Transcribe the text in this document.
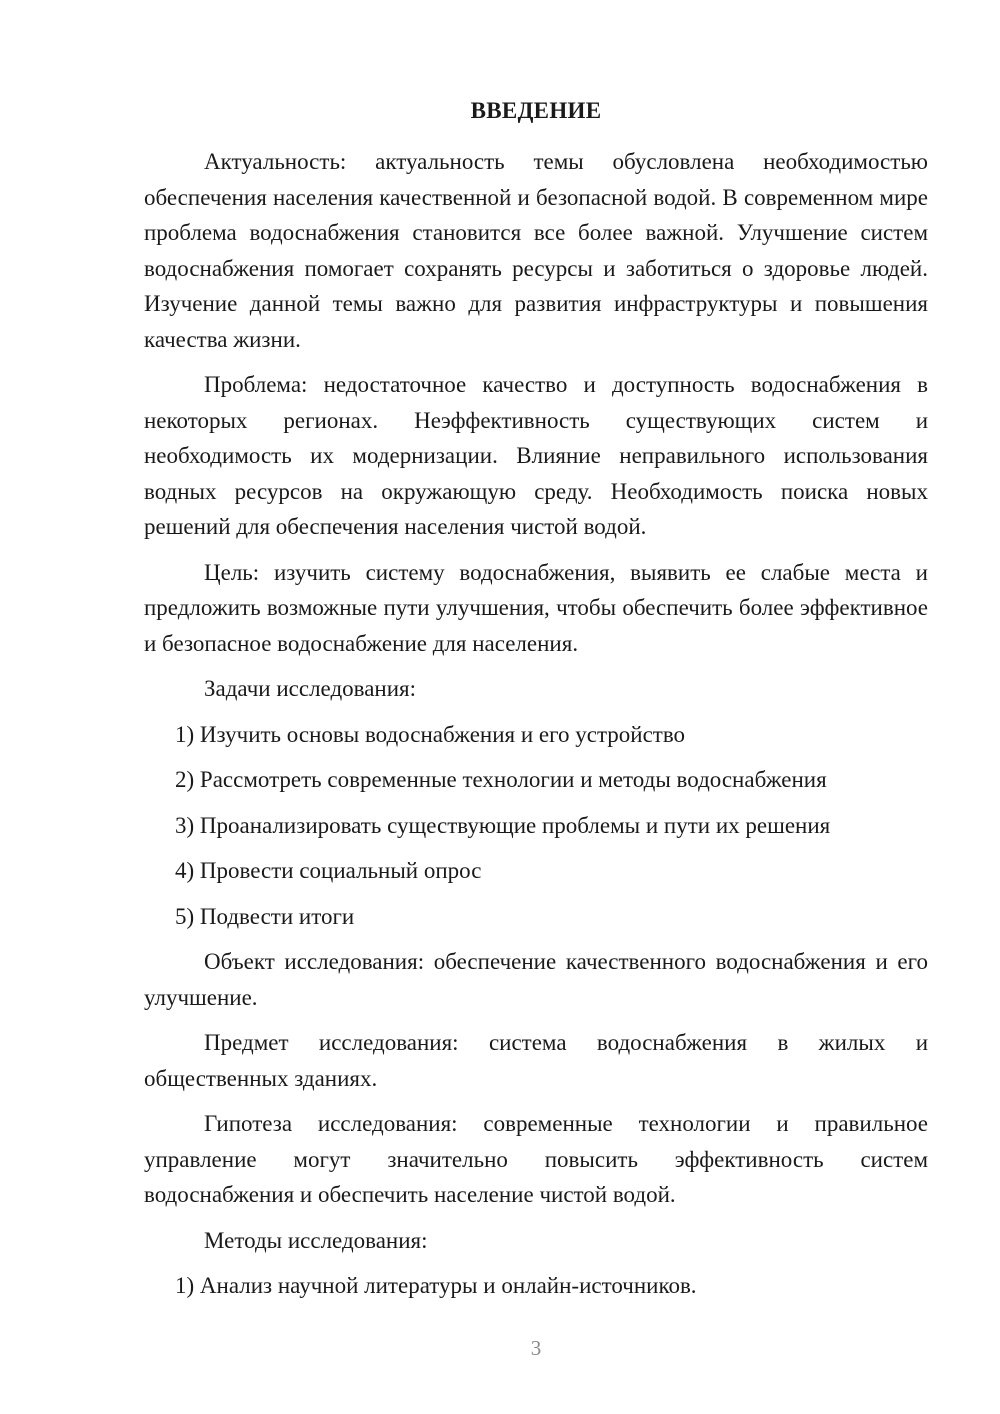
ВВЕДЕНИЕ

Актуальность: актуальность темы обусловлена необходимостью обеспечения населения качественной и безопасной водой. В современном мире проблема водоснабжения становится все более важной. Улучшение систем водоснабжения помогает сохранять ресурсы и заботиться о здоровье людей. Изучение данной темы важно для развития инфраструктуры и повышения качества жизни.

Проблема: недостаточное качество и доступность водоснабжения в некоторых регионах. Неэффективность существующих систем и необходимость их модернизации. Влияние неправильного использования водных ресурсов на окружающую среду. Необходимость поиска новых решений для обеспечения населения чистой водой.

Цель: изучить систему водоснабжения, выявить ее слабые места и предложить возможные пути улучшения, чтобы обеспечить более эффективное и безопасное водоснабжение для населения.

Задачи исследования:

1) Изучить основы водоснабжения и его устройство

2) Рассмотреть современные технологии и методы водоснабжения

3) Проанализировать существующие проблемы и пути их решения

4) Провести социальный опрос

5) Подвести итоги

Объект исследования: обеспечение качественного водоснабжения и его улучшение.

Предмет исследования: система водоснабжения в жилых и общественных зданиях.

Гипотеза исследования: современные технологии и правильное управление могут значительно повысить эффективность систем водоснабжения и обеспечить население чистой водой.

Методы исследования:

1) Анализ научной литературы и онлайн-источников.

3
